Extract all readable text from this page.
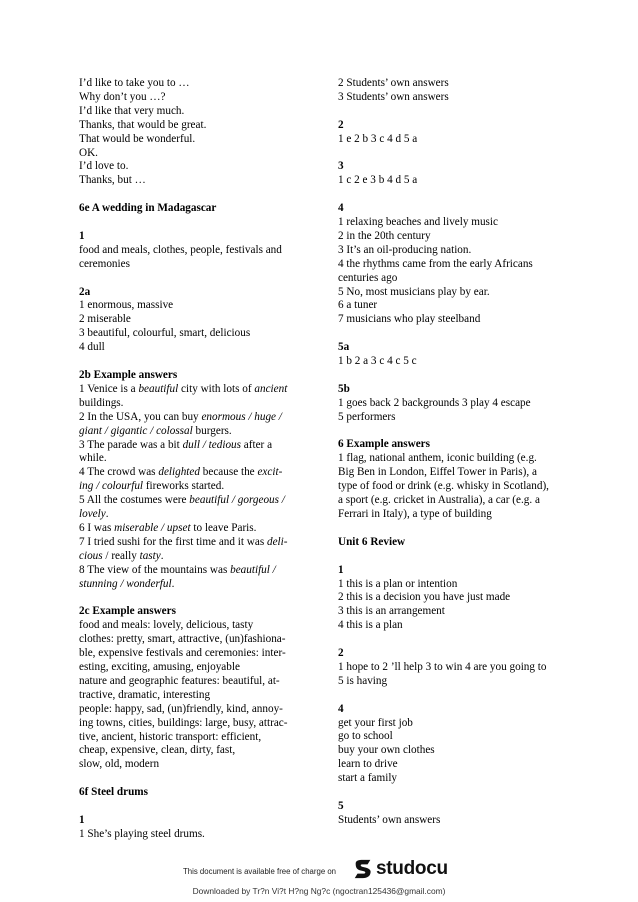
I’d like to take you to …
Why don’t you …?
I’d like that very much.
Thanks, that would be great.
That would be wonderful.
OK.
I’d love to.
Thanks, but …
6e A wedding in Madagascar
1
food and meals, clothes, people, festivals and
ceremonies
2a
1 enormous, massive
2 miserable
3 beautiful, colourful, smart, delicious
4 dull
2b Example answers
1 Venice is a beautiful city with lots of ancient
buildings.
2 In the USA, you can buy enormous / huge /
giant / gigantic / colossal burgers.
3 The parade was a bit dull / tedious after a
while.
4 The crowd was delighted because the excit-
ing / colourful fireworks started.
5 All the costumes were beautiful / gorgeous /
lovely.
6 I was miserable / upset to leave Paris.
7 I tried sushi for the first time and it was deli-
cious / really tasty.
8 The view of the mountains was beautiful /
stunning / wonderful.
2c Example answers
food and meals: lovely, delicious, tasty
clothes: pretty, smart, attractive, (un)fashiona-
ble, expensive festivals and ceremonies: inter-
esting, exciting, amusing, enjoyable
nature and geographic features: beautiful, at-
tractive, dramatic, interesting
people: happy, sad, (un)friendly, kind, annoy-
ing towns, cities, buildings: large, busy, attrac-
tive, ancient, historic transport: efficient,
cheap, expensive, clean, dirty, fast,
slow, old, modern
6f Steel drums
1
1 She’s playing steel drums.
2 Students’ own answers
3 Students’ own answers
2
1 e 2 b 3 c 4 d 5 a
3
1 c 2 e 3 b 4 d 5 a
4
1 relaxing beaches and lively music
2 in the 20th century
3 It’s an oil-producing nation.
4 the rhythms came from the early Africans
centuries ago
5 No, most musicians play by ear.
6 a tuner
7 musicians who play steelband
5a
1 b 2 a 3 c 4 c 5 c
5b
1 goes back 2 backgrounds 3 play 4 escape
5 performers
6 Example answers
1 flag, national anthem, iconic building (e.g.
Big Ben in London, Eiffel Tower in Paris), a
type of food or drink (e.g. whisky in Scotland),
a sport (e.g. cricket in Australia), a car (e.g. a
Ferrari in Italy), a type of building
Unit 6 Review
1
1 this is a plan or intention
2 this is a decision you have just made
3 this is an arrangement
4 this is a plan
2
1 hope to 2 ’ll help 3 to win 4 are you going to
5 is having
4
get your first job
go to school
buy your own clothes
learn to drive
start a family
5
Students’ own answers
This document is available free of charge on studocu
Downloaded by Tr?n Vi?t H?ng Ng?c (ngoctran125436@gmail.com)
